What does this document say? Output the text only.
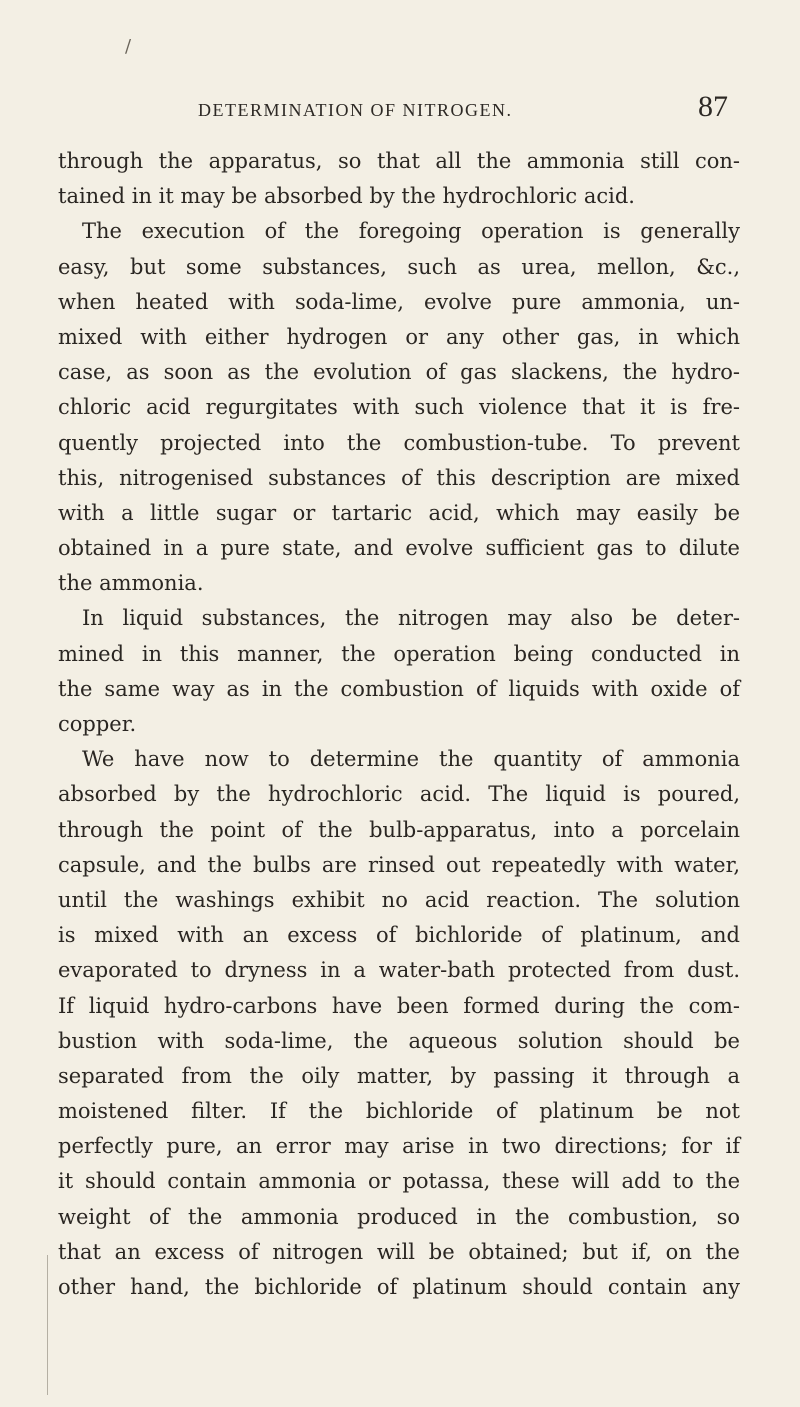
/
DETERMINATION OF NITROGEN.	87
through the apparatus, so that all the ammonia still con-
tained in it may be absorbed by the hydrochloric acid.
The execution of the foregoing operation is generally
easy, but some substances, such as urea, mellon, &c.,
when heated with soda-lime, evolve pure ammonia, un-
mixed with either hydrogen or any other gas, in which
case, as soon as the evolution of gas slackens, the hydro-
chloric acid regurgitates with such violence that it is fre-
quently projected into the combustion-tube. To prevent
this, nitrogenised substances of this description are mixed
with a little sugar or tartaric acid, which may easily be
obtained in a pure state, and evolve sufficient gas to dilute
the ammonia.
In liquid substances, the nitrogen may also be deter-
mined in this manner, the operation being conducted in
the same way as in the combustion of liquids with oxide of
copper.
We have now to determine the quantity of ammonia
absorbed by the hydrochloric acid. The liquid is poured,
through the point of the bulb-apparatus, into a porcelain
capsule, and the bulbs are rinsed out repeatedly with water,
until the washings exhibit no acid reaction. The solution
is mixed with an excess of bichloride of platinum, and
evaporated to dryness in a water-bath protected from dust.
If liquid hydro-carbons have been formed during the com-
bustion with soda-lime, the aqueous solution should be
separated from the oily matter, by passing it through a
moistened filter. If the bichloride of platinum be not
perfectly pure, an error may arise in two directions; for if
it should contain ammonia or potassa, these will add to the
weight of the ammonia produced in the combustion, so
that an excess of nitrogen will be obtained; but if, on the
other hand, the bichloride of platinum should contain any
